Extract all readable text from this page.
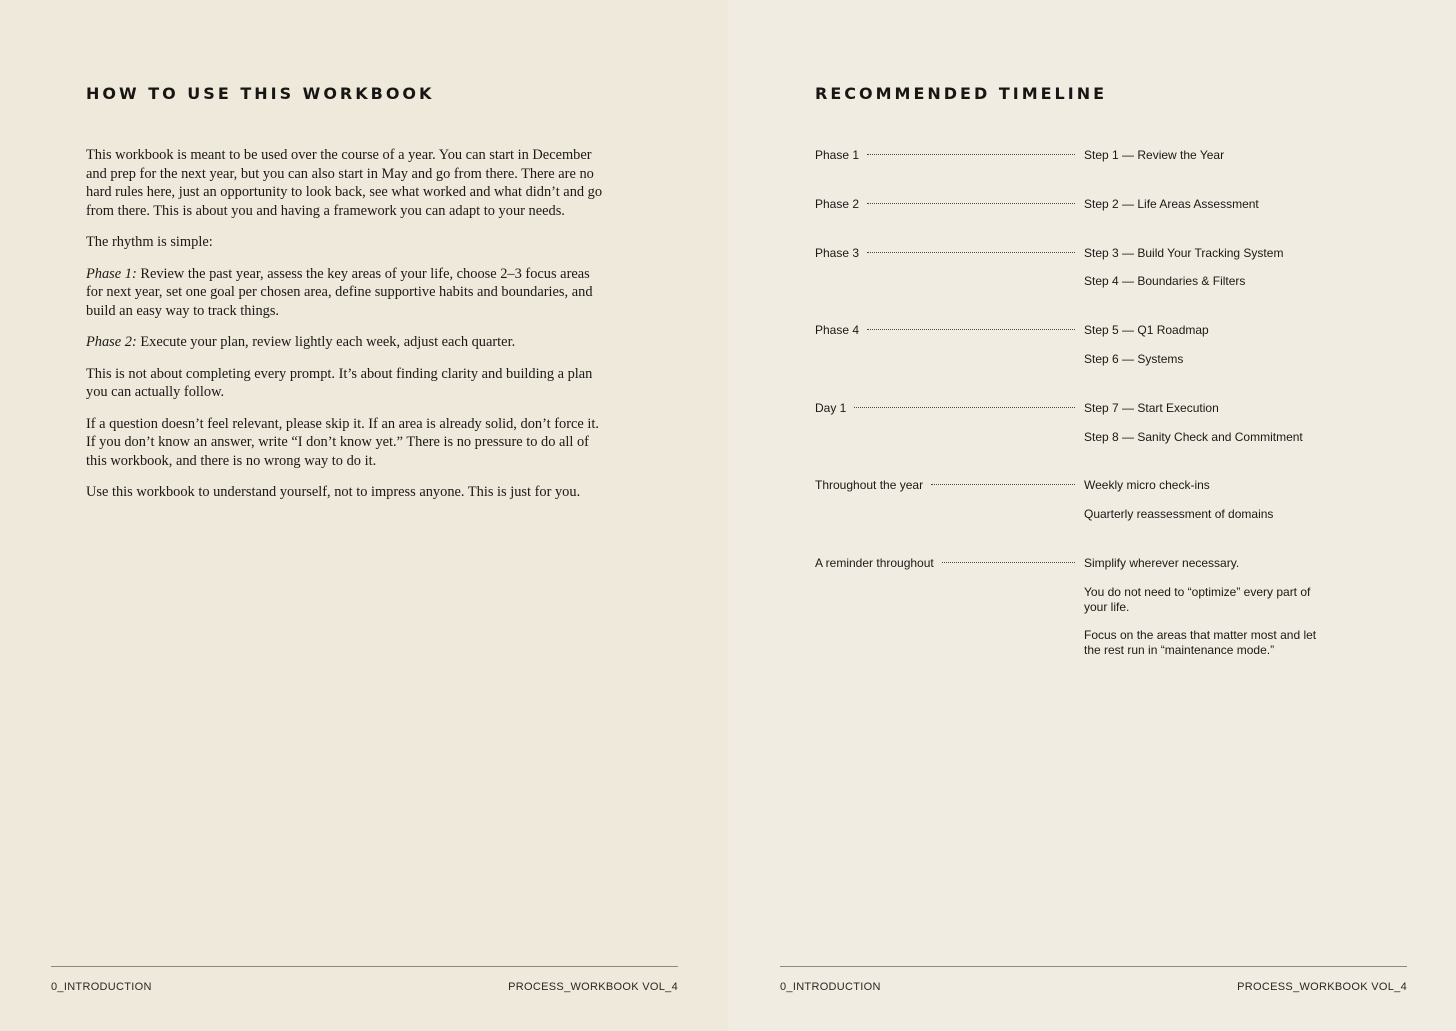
HOW TO USE THIS WORKBOOK

This workbook is meant to be used over the course of a year. You can start in December and prep for the next year, but you can also start in May and go from there. There are no hard rules here, just an opportunity to look back, see what worked and what didn’t and go from there. This is about you and having a framework you can adapt to your needs.

The rhythm is simple:

Phase 1: Review the past year, assess the key areas of your life, choose 2–3 focus areas for next year, set one goal per chosen area, define supportive habits and boundaries, and build an easy way to track things.

Phase 2: Execute your plan, review lightly each week, adjust each quarter.

This is not about completing every prompt. It’s about finding clarity and building a plan you can actually follow.

If a question doesn’t feel relevant, please skip it. If an area is already solid, don’t force it. If you don’t know an answer, write “I don’t know yet.” There is no pressure to do all of this workbook, and there is no wrong way to do it.

Use this workbook to understand yourself, not to impress anyone. This is just for you.

0_INTRODUCTION	PROCESS_WORKBOOK VOL_4
RECOMMENDED TIMELINE
Phase 1	Step 1 — Review the Year

Phase 2	Step 2 — Life Areas Assessment

Phase 3	Step 3 — Build Your Tracking System

Step 4 — Boundaries & Filters

Phase 4	Step 5 — Q1 Roadmap

Step 6 — Systems

Day 1	Step 7 — Start Execution

Step 8 — Sanity Check and Commitment

Throughout the year	Weekly micro check-ins

Quarterly reassessment of domains

A reminder throughout	Simplify wherever necessary.

You do not need to “optimize” every part of your life.

Focus on the areas that matter most and let the rest run in “maintenance mode.”

0_INTRODUCTION	PROCESS_WORKBOOK VOL_4
